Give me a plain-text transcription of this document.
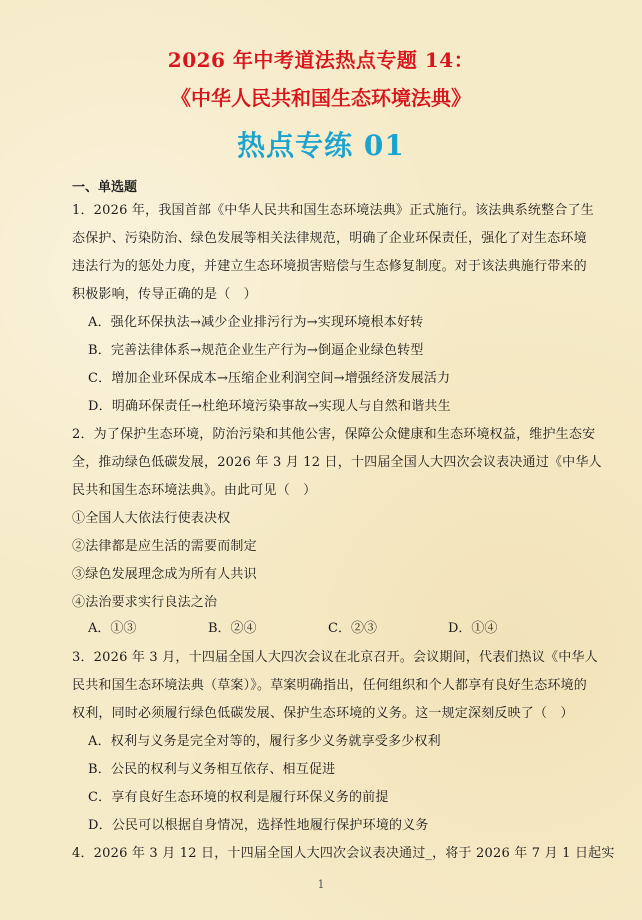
2026 年中考道法热点专题 14：
《中华人民共和国生态环境法典》
热点专练 01
一、单选题
1．2026 年，我国首部《中华人民共和国生态环境法典》正式施行。该法典系统整合了生
态保护、污染防治、绿色发展等相关法律规范，明确了企业环保责任，强化了对生态环境
违法行为的惩处力度，并建立生态环境损害赔偿与生态修复制度。对于该法典施行带来的
积极影响，传导正确的是（　）
A．强化环保执法→减少企业排污行为→实现环境根本好转
B．完善法律体系→规范企业生产行为→倒逼企业绿色转型
C．增加企业环保成本→压缩企业利润空间→增强经济发展活力
D．明确环保责任→杜绝环境污染事故→实现人与自然和谐共生
2．为了保护生态环境，防治污染和其他公害，保障公众健康和生态环境权益，维护生态安
全，推动绿色低碳发展，2026 年 3 月 12 日，十四届全国人大四次会议表决通过《中华人
民共和国生态环境法典》。由此可见（　）
①全国人大依法行使表决权
②法律都是应生活的需要而制定
③绿色发展理念成为所有人共识
④法治要求实行良法之治
A．①③	B．②④	C．②③	D．①④
3．2026 年 3 月，十四届全国人大四次会议在北京召开。会议期间，代表们热议《中华人
民共和国生态环境法典（草案）》。草案明确指出，任何组织和个人都享有良好生态环境的
权利，同时必须履行绿色低碳发展、保护生态环境的义务。这一规定深刻反映了（　）
A．权利与义务是完全对等的，履行多少义务就享受多少权利
B．公民的权利与义务相互依存、相互促进
C．享有良好生态环境的权利是履行环保义务的前提
D．公民可以根据自身情况，选择性地履行保护环境的义务
4．2026 年 3 月 12 日，十四届全国人大四次会议表决通过_，将于 2026 年 7 月 1 日起实
1
